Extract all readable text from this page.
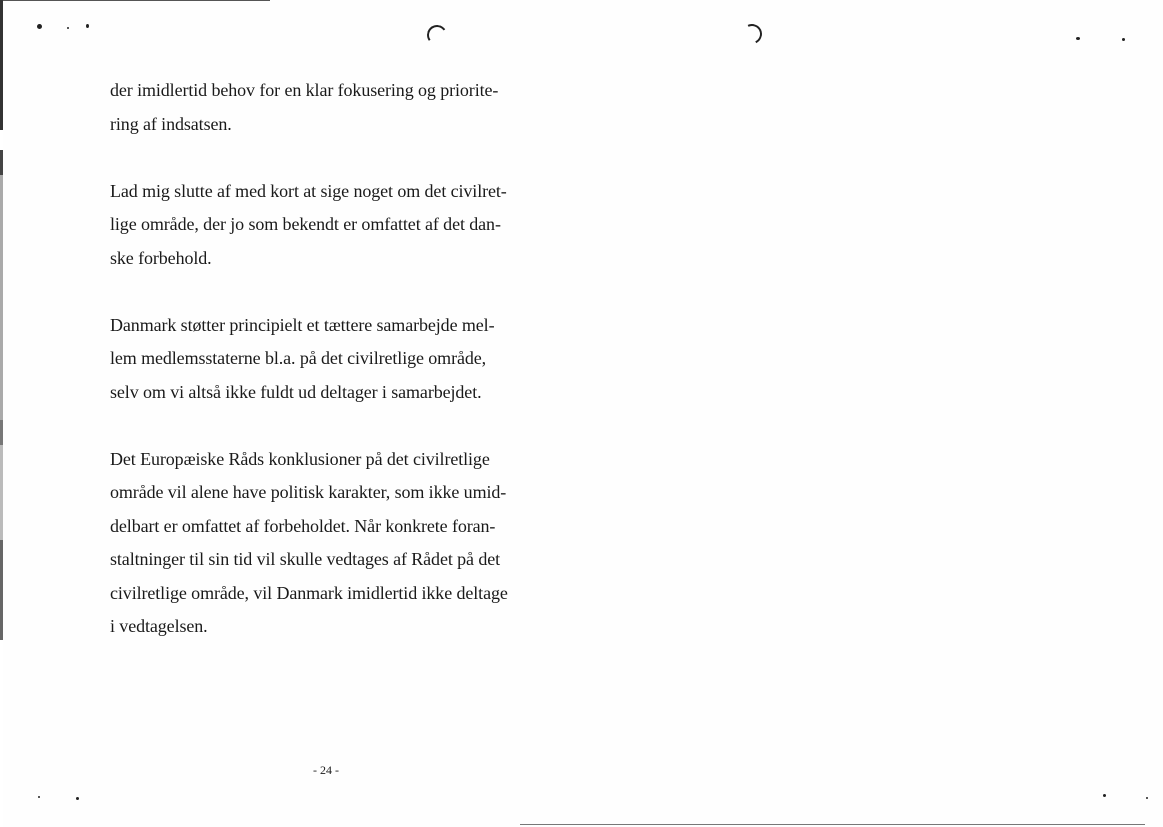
der imidlertid behov for en klar fokusering og priorite-
ring af indsatsen.

Lad mig slutte af med kort at sige noget om det civilret-
lige område, der jo som bekendt er omfattet af det dan-
ske forbehold.

Danmark støtter principielt et tættere samarbejde mel-
lem medlemsstaterne bl.a. på det civilretlige område,
selv om vi altså ikke fuldt ud deltager i samarbejdet.

Det Europæiske Råds konklusioner på det civilretlige
område vil alene have politisk karakter, som ikke umid-
delbart er omfattet af forbeholdet. Når konkrete foran-
staltninger til sin tid vil skulle vedtages af Rådet på det
civilretlige område, vil Danmark imidlertid ikke deltage
i vedtagelsen.

- 24 -
